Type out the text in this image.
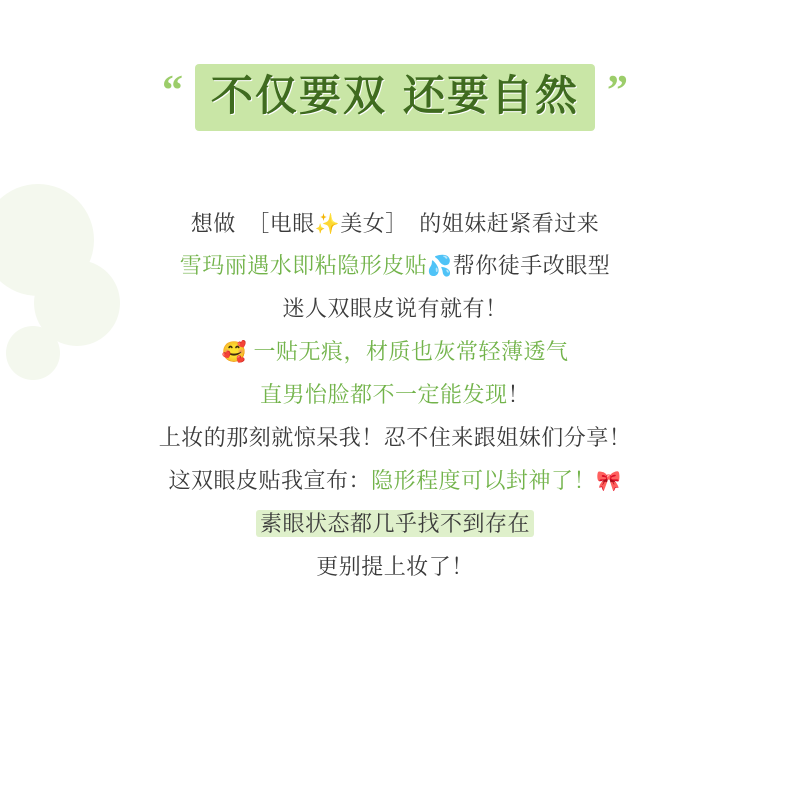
“ 不仅要双 还要自然 ”
想做　［电眼✨美女］　的姐妹赶紧看过来
雪玛丽遇水即粘隐形皮贴💦帮你徒手改眼型
迷人双眼皮说有就有！
🥰 一贴无痕，材质也灰常轻薄透气
直男怡脸都不一定能发现！
上妆的那刻就惊呆我！忍不住来跟姐妹们分享！
这双眼皮贴我宣布：隐形程度可以封神了！🎀
素眼状态都几乎找不到存在
更别提上妆了！
